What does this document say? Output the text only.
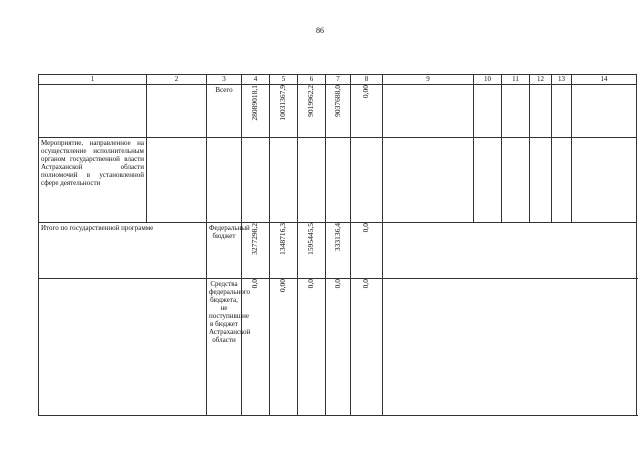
86
1	2	3	4	5	6	7	8	9	10	11	12	13	14
		Всего	28089018,1	10031367,9	9019962,2	9037688,0	0,00						
Мероприятие, направленное на осуществление исполнительным органом государственной власти Астраханской области полномочий в установленной сфере деятельности													
Итого по государственной программе		Федеральный бюджет	3277298,2	1348716,3	1595445,5	333136,4	0,0						
		Средства федерального бюджета, не поступившие в бюджет Астраханской области	0,0	0,00	0,0	0,0	0,0						
